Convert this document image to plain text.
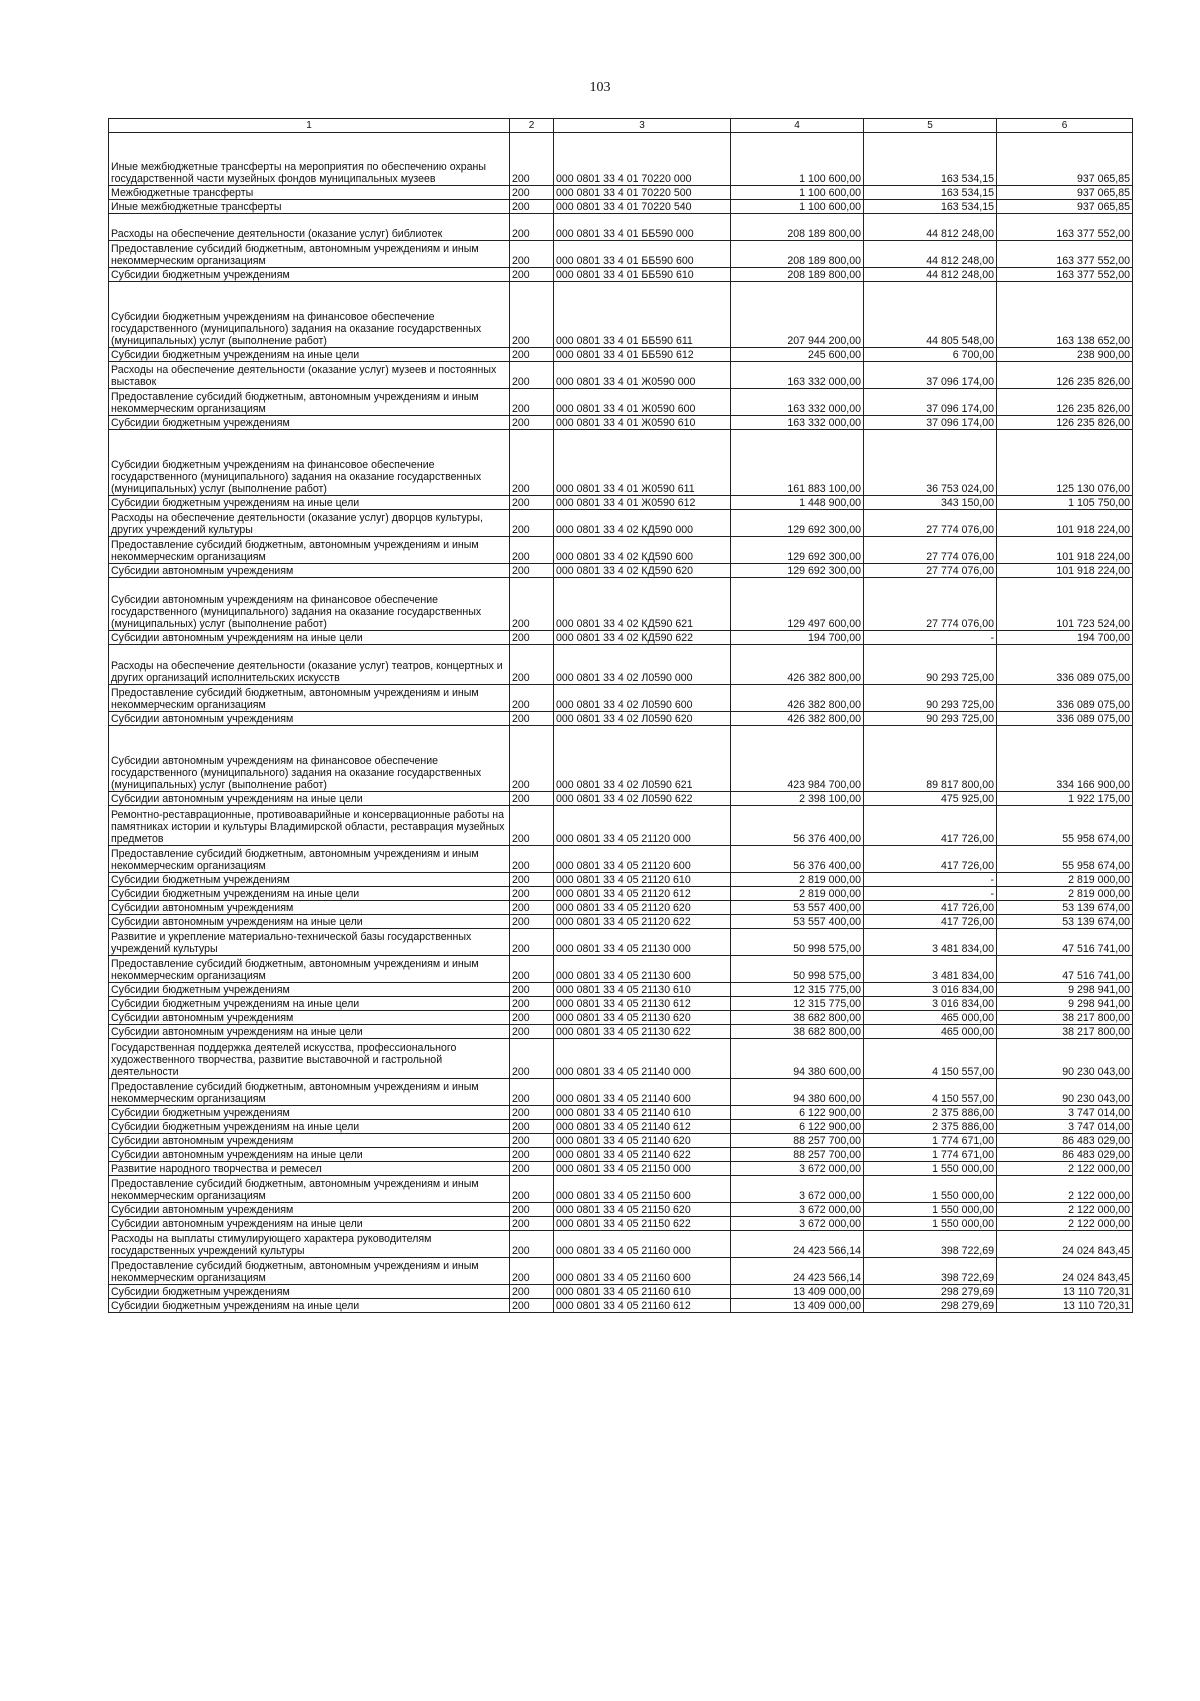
103
1	2	3	4	5	6
Иные межбюджетные трансферты на мероприятия по обеспечению охраны государственной части музейных фондов муниципальных музеев	200	000 0801 33 4 01 70220 000	1 100 600,00	163 534,15	937 065,85
Межбюджетные трансферты	200	000 0801 33 4 01 70220 500	1 100 600,00	163 534,15	937 065,85
Иные межбюджетные трансферты	200	000 0801 33 4 01 70220 540	1 100 600,00	163 534,15	937 065,85
Расходы на обеспечение деятельности (оказание услуг) библиотек	200	000 0801 33 4 01 ББ590 000	208 189 800,00	44 812 248,00	163 377 552,00
Предоставление субсидий бюджетным, автономным учреждениям и иным некоммерческим организациям	200	000 0801 33 4 01 ББ590 600	208 189 800,00	44 812 248,00	163 377 552,00
Субсидии бюджетным учреждениям	200	000 0801 33 4 01 ББ590 610	208 189 800,00	44 812 248,00	163 377 552,00
Субсидии бюджетным учреждениям на финансовое обеспечение государственного (муниципального) задания на оказание государственных (муниципальных) услуг (выполнение работ)	200	000 0801 33 4 01 ББ590 611	207 944 200,00	44 805 548,00	163 138 652,00
Субсидии бюджетным учреждениям на иные цели	200	000 0801 33 4 01 ББ590 612	245 600,00	6 700,00	238 900,00
Расходы на обеспечение деятельности (оказание услуг) музеев и постоянных выставок	200	000 0801 33 4 01 Ж0590 000	163 332 000,00	37 096 174,00	126 235 826,00
Предоставление субсидий бюджетным, автономным учреждениям и иным некоммерческим организациям	200	000 0801 33 4 01 Ж0590 600	163 332 000,00	37 096 174,00	126 235 826,00
Субсидии бюджетным учреждениям	200	000 0801 33 4 01 Ж0590 610	163 332 000,00	37 096 174,00	126 235 826,00
Субсидии бюджетным учреждениям на финансовое обеспечение государственного (муниципального) задания на оказание государственных (муниципальных) услуг (выполнение работ)	200	000 0801 33 4 01 Ж0590 611	161 883 100,00	36 753 024,00	125 130 076,00
Субсидии бюджетным учреждениям на иные цели	200	000 0801 33 4 01 Ж0590 612	1 448 900,00	343 150,00	1 105 750,00
Расходы на обеспечение деятельности (оказание услуг) дворцов культуры, других учреждений культуры	200	000 0801 33 4 02 КД590 000	129 692 300,00	27 774 076,00	101 918 224,00
Предоставление субсидий бюджетным, автономным учреждениям и иным некоммерческим организациям	200	000 0801 33 4 02 КД590 600	129 692 300,00	27 774 076,00	101 918 224,00
Субсидии автономным учреждениям	200	000 0801 33 4 02 КД590 620	129 692 300,00	27 774 076,00	101 918 224,00
Субсидии автономным учреждениям на финансовое обеспечение государственного (муниципального) задания на оказание государственных (муниципальных) услуг (выполнение работ)	200	000 0801 33 4 02 КД590 621	129 497 600,00	27 774 076,00	101 723 524,00
Субсидии автономным учреждениям на иные цели	200	000 0801 33 4 02 КД590 622	194 700,00	-	194 700,00
Расходы на обеспечение деятельности (оказание услуг) театров, концертных и других организаций исполнительских искусств	200	000 0801 33 4 02 Л0590 000	426 382 800,00	90 293 725,00	336 089 075,00
Предоставление субсидий бюджетным, автономным учреждениям и иным некоммерческим организациям	200	000 0801 33 4 02 Л0590 600	426 382 800,00	90 293 725,00	336 089 075,00
Субсидии автономным учреждениям	200	000 0801 33 4 02 Л0590 620	426 382 800,00	90 293 725,00	336 089 075,00
Субсидии автономным учреждениям на финансовое обеспечение государственного (муниципального) задания на оказание государственных (муниципальных) услуг (выполнение работ)	200	000 0801 33 4 02 Л0590 621	423 984 700,00	89 817 800,00	334 166 900,00
Субсидии автономным учреждениям на иные цели	200	000 0801 33 4 02 Л0590 622	2 398 100,00	475 925,00	1 922 175,00
Ремонтно-реставрационные, противоаварийные и консервационные работы на памятниках истории и культуры Владимирской области, реставрация музейных предметов	200	000 0801 33 4 05 21120 000	56 376 400,00	417 726,00	55 958 674,00
Предоставление субсидий бюджетным, автономным учреждениям и иным некоммерческим организациям	200	000 0801 33 4 05 21120 600	56 376 400,00	417 726,00	55 958 674,00
Субсидии бюджетным учреждениям	200	000 0801 33 4 05 21120 610	2 819 000,00	-	2 819 000,00
Субсидии бюджетным учреждениям на иные цели	200	000 0801 33 4 05 21120 612	2 819 000,00	-	2 819 000,00
Субсидии автономным учреждениям	200	000 0801 33 4 05 21120 620	53 557 400,00	417 726,00	53 139 674,00
Субсидии автономным учреждениям на иные цели	200	000 0801 33 4 05 21120 622	53 557 400,00	417 726,00	53 139 674,00
Развитие и укрепление материально-технической базы государственных учреждений культуры	200	000 0801 33 4 05 21130 000	50 998 575,00	3 481 834,00	47 516 741,00
Предоставление субсидий бюджетным, автономным учреждениям и иным некоммерческим организациям	200	000 0801 33 4 05 21130 600	50 998 575,00	3 481 834,00	47 516 741,00
Субсидии бюджетным учреждениям	200	000 0801 33 4 05 21130 610	12 315 775,00	3 016 834,00	9 298 941,00
Субсидии бюджетным учреждениям на иные цели	200	000 0801 33 4 05 21130 612	12 315 775,00	3 016 834,00	9 298 941,00
Субсидии автономным учреждениям	200	000 0801 33 4 05 21130 620	38 682 800,00	465 000,00	38 217 800,00
Субсидии автономным учреждениям на иные цели	200	000 0801 33 4 05 21130 622	38 682 800,00	465 000,00	38 217 800,00
Государственная поддержка деятелей искусства, профессионального художественного творчества, развитие выставочной и гастрольной деятельности	200	000 0801 33 4 05 21140 000	94 380 600,00	4 150 557,00	90 230 043,00
Предоставление субсидий бюджетным, автономным учреждениям и иным некоммерческим организациям	200	000 0801 33 4 05 21140 600	94 380 600,00	4 150 557,00	90 230 043,00
Субсидии бюджетным учреждениям	200	000 0801 33 4 05 21140 610	6 122 900,00	2 375 886,00	3 747 014,00
Субсидии бюджетным учреждениям на иные цели	200	000 0801 33 4 05 21140 612	6 122 900,00	2 375 886,00	3 747 014,00
Субсидии автономным учреждениям	200	000 0801 33 4 05 21140 620	88 257 700,00	1 774 671,00	86 483 029,00
Субсидии автономным учреждениям на иные цели	200	000 0801 33 4 05 21140 622	88 257 700,00	1 774 671,00	86 483 029,00
Развитие народного творчества и ремесел	200	000 0801 33 4 05 21150 000	3 672 000,00	1 550 000,00	2 122 000,00
Предоставление субсидий бюджетным, автономным учреждениям и иным некоммерческим организациям	200	000 0801 33 4 05 21150 600	3 672 000,00	1 550 000,00	2 122 000,00
Субсидии автономным учреждениям	200	000 0801 33 4 05 21150 620	3 672 000,00	1 550 000,00	2 122 000,00
Субсидии автономным учреждениям на иные цели	200	000 0801 33 4 05 21150 622	3 672 000,00	1 550 000,00	2 122 000,00
Расходы на выплаты стимулирующего характера руководителям государственных учреждений культуры	200	000 0801 33 4 05 21160 000	24 423 566,14	398 722,69	24 024 843,45
Предоставление субсидий бюджетным, автономным учреждениям и иным некоммерческим организациям	200	000 0801 33 4 05 21160 600	24 423 566,14	398 722,69	24 024 843,45
Субсидии бюджетным учреждениям	200	000 0801 33 4 05 21160 610	13 409 000,00	298 279,69	13 110 720,31
Субсидии бюджетным учреждениям на иные цели	200	000 0801 33 4 05 21160 612	13 409 000,00	298 279,69	13 110 720,31
